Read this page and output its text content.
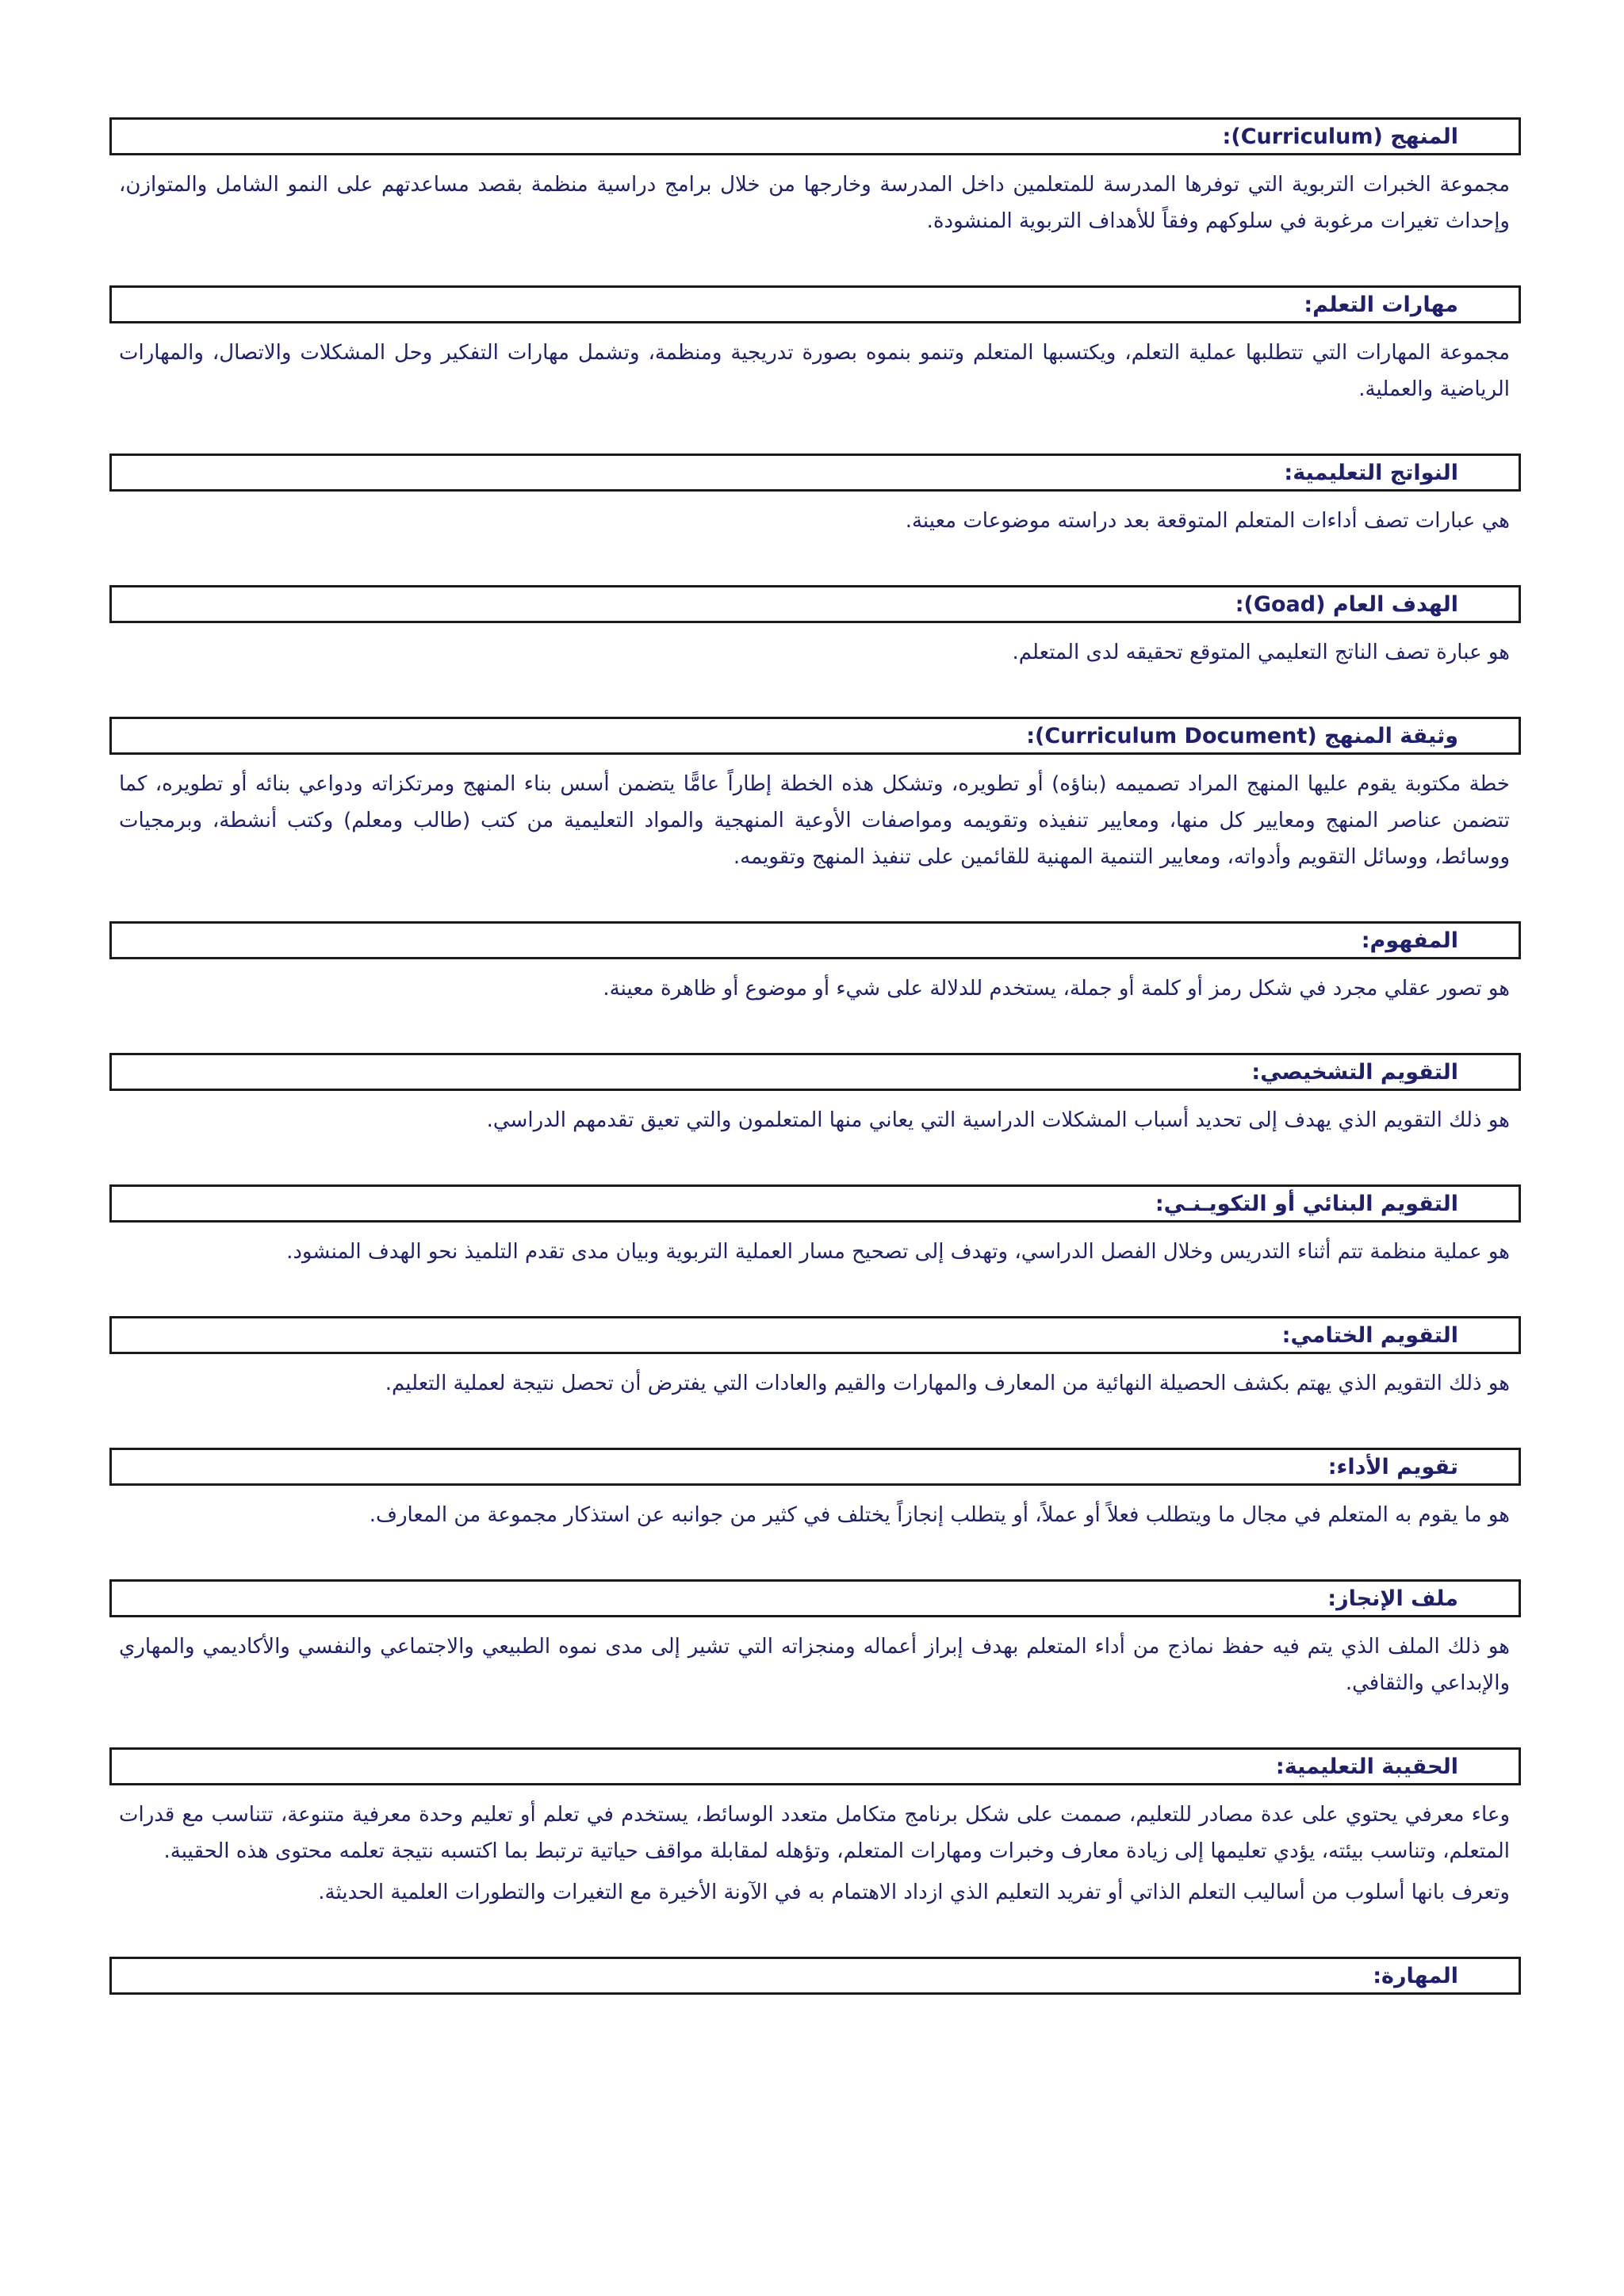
المنهج (Curriculum):

مجموعة الخبرات التربوية التي توفرها المدرسة للمتعلمين داخل المدرسة وخارجها من خلال برامج دراسية منظمة بقصد مساعدتهم على النمو الشامل والمتوازن، وإحداث تغيرات مرغوبة في سلوكهم وفقاً للأهداف التربوية المنشودة.

مهارات التعلم:

مجموعة المهارات التي تتطلبها عملية التعلم، ويكتسبها المتعلم وتنمو بنموه بصورة تدريجية ومنظمة، وتشمل مهارات التفكير وحل المشكلات والاتصال، والمهارات الرياضية والعملية.

النواتج التعليمية:

هي عبارات تصف أداءات المتعلم المتوقعة بعد دراسته موضوعات معينة.

الهدف العام (Goad):

هو عبارة تصف الناتج التعليمي المتوقع تحقيقه لدى المتعلم.

وثيقة المنهج (Curriculum Document):

خطة مكتوبة يقوم عليها المنهج المراد تصميمه (بناؤه) أو تطويره، وتشكل هذه الخطة إطاراً عامًّا يتضمن أسس بناء المنهج ومرتكزاته ودواعي بنائه أو تطويره، كما تتضمن عناصر المنهج ومعايير كل منها، ومعايير تنفيذه وتقويمه ومواصفات الأوعية المنهجية والمواد التعليمية من كتب (طالب ومعلم) وكتب أنشطة، وبرمجيات ووسائط، ووسائل التقويم وأدواته، ومعايير التنمية المهنية للقائمين على تنفيذ المنهج وتقويمه.

المفهوم:

هو تصور عقلي مجرد في شكل رمز أو كلمة أو جملة، يستخدم للدلالة على شيء أو موضوع أو ظاهرة معينة.

التقويم التشخيصي:

هو ذلك التقويم الذي يهدف إلى تحديد أسباب المشكلات الدراسية التي يعاني منها المتعلمون والتي تعيق تقدمهم الدراسي.

التقويم البنائي أو التكويـنـي:

هو عملية منظمة تتم أثناء التدريس وخلال الفصل الدراسي، وتهدف إلى تصحيح مسار العملية التربوية وبيان مدى تقدم التلميذ نحو الهدف المنشود.

التقويم الختامي:

هو ذلك التقويم الذي يهتم بكشف الحصيلة النهائية من المعارف والمهارات والقيم والعادات التي يفترض أن تحصل نتيجة لعملية التعليم.

تقويم الأداء:

هو ما يقوم به المتعلم في مجال ما ويتطلب فعلاً أو عملاً، أو يتطلب إنجازاً يختلف في كثير من جوانبه عن استذكار مجموعة من المعارف.

ملف الإنجاز:

هو ذلك الملف الذي يتم فيه حفظ نماذج من أداء المتعلم بهدف إبراز أعماله ومنجزاته التي تشير إلى مدى نموه الطبيعي والاجتماعي والنفسي والأكاديمي والمهاري والإبداعي والثقافي.

الحقيبة التعليمية:

وعاء معرفي يحتوي على عدة مصادر للتعليم، صممت على شكل برنامج متكامل متعدد الوسائط، يستخدم في تعلم أو تعليم وحدة معرفية متنوعة، تتناسب مع قدرات المتعلم، وتناسب بيئته، يؤدي تعليمها إلى زيادة معارف وخبرات ومهارات المتعلم، وتؤهله لمقابلة مواقف حياتية ترتبط بما اكتسبه نتيجة تعلمه محتوى هذه الحقيبة.

وتعرف بانها أسلوب من أساليب التعلم الذاتي أو تفريد التعليم الذي ازداد الاهتمام به في الآونة الأخيرة مع التغيرات والتطورات العلمية الحديثة.

المهارة:
